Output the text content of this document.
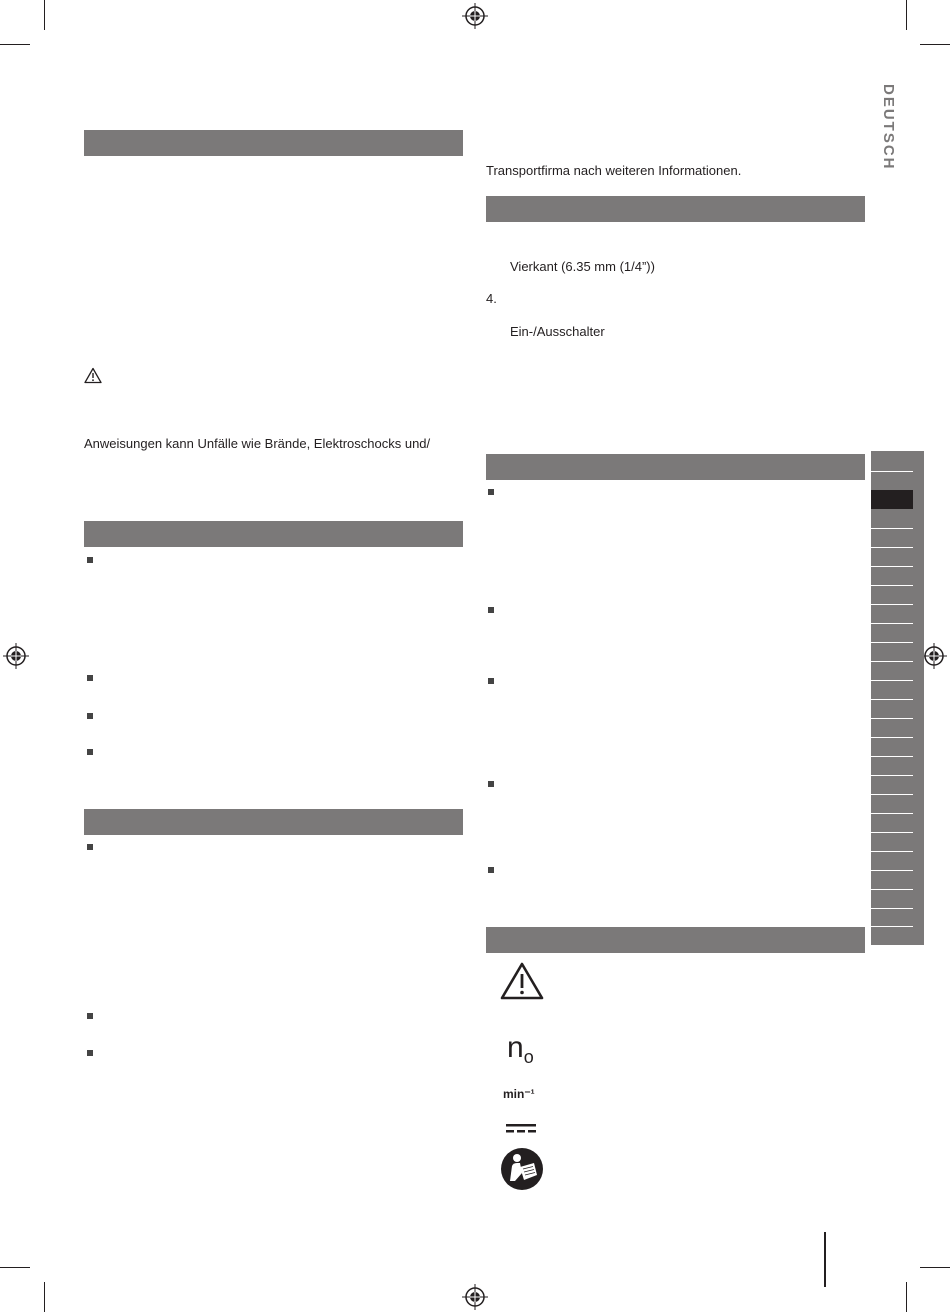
DEUTSCH
Anweisungen kann Unfälle wie Brände, Elektroschocks und/
Transportfirma nach weiteren Informationen.
Vierkant (6.35 mm (1/4”))
4.
Ein-/Ausschalter
$n_o$
min⁻¹
